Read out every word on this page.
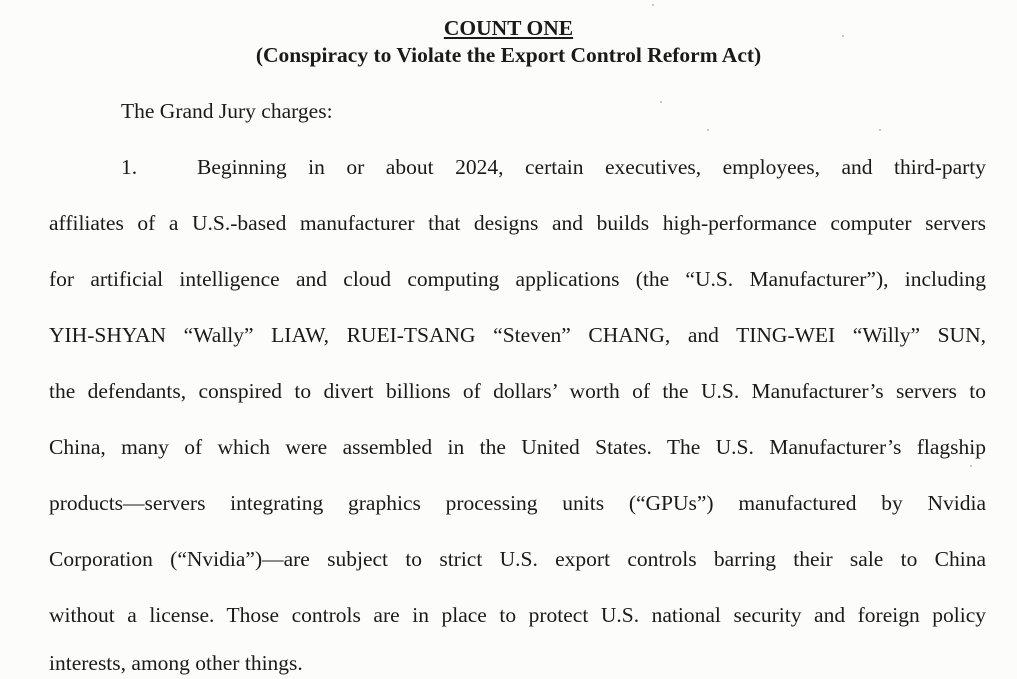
COUNT ONE
(Conspiracy to Violate the Export Control Reform Act)
The Grand Jury charges:
1.	Beginning in or about 2024, certain executives, employees, and third-party
affiliates of a U.S.-based manufacturer that designs and builds high-performance computer servers
for artificial intelligence and cloud computing applications (the “U.S. Manufacturer”), including
YIH-SHYAN “Wally” LIAW, RUEI-TSANG “Steven” CHANG, and TING-WEI “Willy” SUN,
the defendants, conspired to divert billions of dollars’ worth of the U.S. Manufacturer’s servers to
China, many of which were assembled in the United States. The U.S. Manufacturer’s flagship
products—servers integrating graphics processing units (“GPUs”) manufactured by Nvidia
Corporation (“Nvidia”)—are subject to strict U.S. export controls barring their sale to China
without a license. Those controls are in place to protect U.S. national security and foreign policy
interests, among other things.
